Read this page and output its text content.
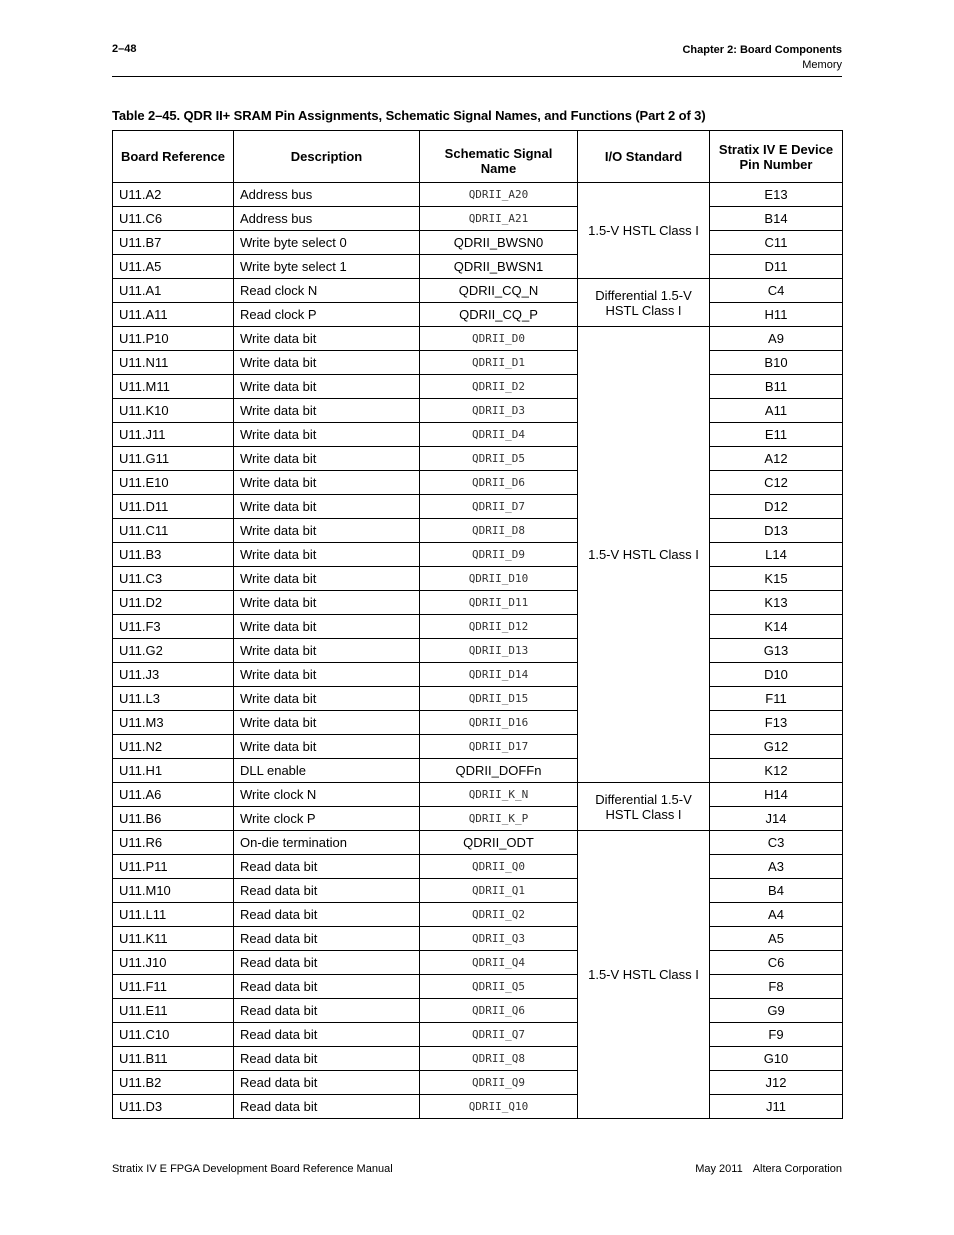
2–48	Chapter 2: Board Components
Memory
Table 2–45. QDR II+ SRAM Pin Assignments, Schematic Signal Names, and Functions (Part 2 of 3)
Board Reference	Description	Schematic Signal Name	I/O Standard	Stratix IV E Device Pin Number
U11.A2	Address bus	QDRII_A20	1.5-V HSTL Class I	E13
U11.C6	Address bus	QDRII_A21		B14
U11.B7	Write byte select 0	QDRII_BWSN0		C11
U11.A5	Write byte select 1	QDRII_BWSN1		D11
U11.A1	Read clock N	QDRII_CQ_N	Differential 1.5-V HSTL Class I	C4
U11.A11	Read clock P	QDRII_CQ_P		H11
U11.P10	Write data bit	QDRII_D0	1.5-V HSTL Class I	A9
U11.N11	Write data bit	QDRII_D1		B10
U11.M11	Write data bit	QDRII_D2		B11
U11.K10	Write data bit	QDRII_D3		A11
U11.J11	Write data bit	QDRII_D4		E11
U11.G11	Write data bit	QDRII_D5		A12
U11.E10	Write data bit	QDRII_D6		C12
U11.D11	Write data bit	QDRII_D7		D12
U11.C11	Write data bit	QDRII_D8		D13
U11.B3	Write data bit	QDRII_D9		L14
U11.C3	Write data bit	QDRII_D10		K15
U11.D2	Write data bit	QDRII_D11		K13
U11.F3	Write data bit	QDRII_D12		K14
U11.G2	Write data bit	QDRII_D13		G13
U11.J3	Write data bit	QDRII_D14		D10
U11.L3	Write data bit	QDRII_D15		F11
U11.M3	Write data bit	QDRII_D16		F13
U11.N2	Write data bit	QDRII_D17		G12
U11.H1	DLL enable	QDRII_DOFFn		K12
U11.A6	Write clock N	QDRII_K_N	Differential 1.5-V HSTL Class I	H14
U11.B6	Write clock P	QDRII_K_P		J14
U11.R6	On-die termination	QDRII_ODT	1.5-V HSTL Class I	C3
U11.P11	Read data bit	QDRII_Q0		A3
U11.M10	Read data bit	QDRII_Q1		B4
U11.L11	Read data bit	QDRII_Q2		A4
U11.K11	Read data bit	QDRII_Q3		A5
U11.J10	Read data bit	QDRII_Q4		C6
U11.F11	Read data bit	QDRII_Q5		F8
U11.E11	Read data bit	QDRII_Q6		G9
U11.C10	Read data bit	QDRII_Q7		F9
U11.B11	Read data bit	QDRII_Q8		G10
U11.B2	Read data bit	QDRII_Q9		J12
U11.D3	Read data bit	QDRII_Q10		J11
Stratix IV E FPGA Development Board Reference Manual	May 2011 Altera Corporation
